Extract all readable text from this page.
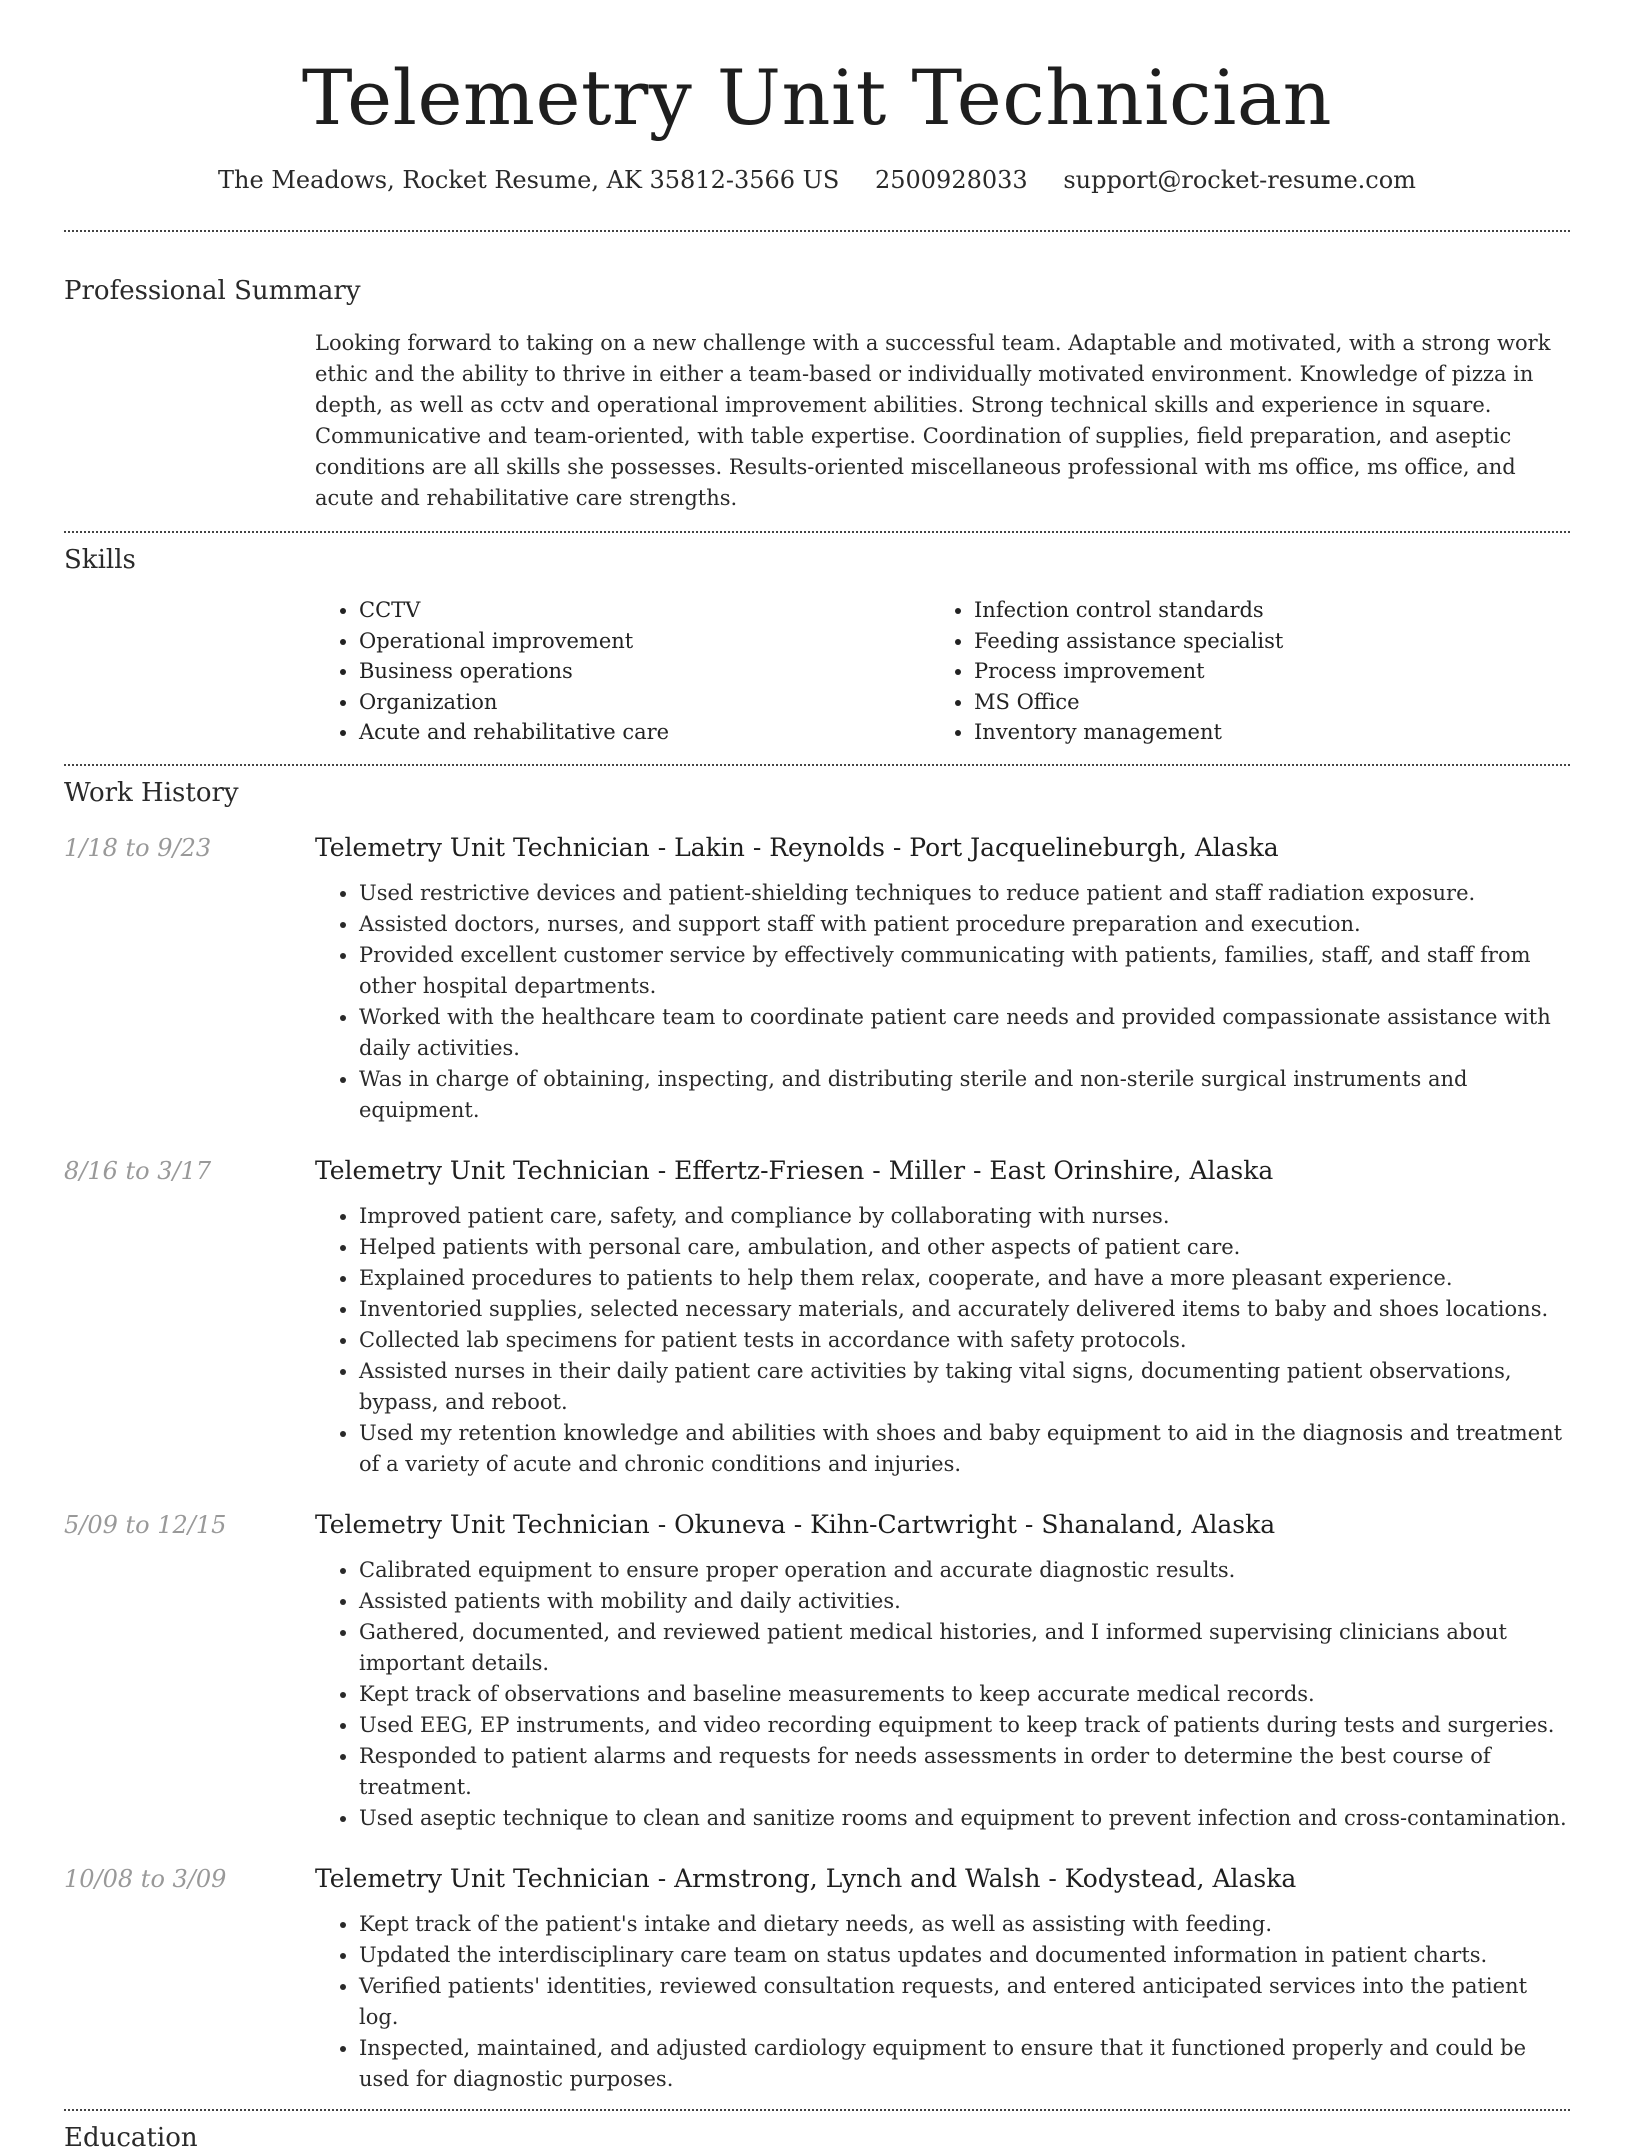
Telemetry Unit Technician
The Meadows, Rocket Resume, AK 35812-3566 US 2500928033 support@rocket-resume.com
Professional Summary

Looking forward to taking on a new challenge with a successful team. Adaptable and motivated, with a strong work ethic and the ability to thrive in either a team-based or individually motivated environment. Knowledge of pizza in depth, as well as cctv and operational improvement abilities. Strong technical skills and experience in square. Communicative and team-oriented, with table expertise. Coordination of supplies, field preparation, and aseptic conditions are all skills she possesses. Results-oriented miscellaneous professional with ms office, ms office, and acute and rehabilitative care strengths.

Skills
• CCTV
• Operational improvement
• Business operations
• Organization
• Acute and rehabilitative care
• Infection control standards
• Feeding assistance specialist
• Process improvement
• MS Office
• Inventory management
Work History
1/18 to 9/23	Telemetry Unit Technician - Lakin - Reynolds - Port Jacquelineburgh, Alaska
• Used restrictive devices and patient-shielding techniques to reduce patient and staff radiation exposure.
• Assisted doctors, nurses, and support staff with patient procedure preparation and execution.
• Provided excellent customer service by effectively communicating with patients, families, staff, and staff from other hospital departments.
• Worked with the healthcare team to coordinate patient care needs and provided compassionate assistance with daily activities.
• Was in charge of obtaining, inspecting, and distributing sterile and non-sterile surgical instruments and equipment.
8/16 to 3/17	Telemetry Unit Technician - Effertz-Friesen - Miller - East Orinshire, Alaska
• Improved patient care, safety, and compliance by collaborating with nurses.
• Helped patients with personal care, ambulation, and other aspects of patient care.
• Explained procedures to patients to help them relax, cooperate, and have a more pleasant experience.
• Inventoried supplies, selected necessary materials, and accurately delivered items to baby and shoes locations.
• Collected lab specimens for patient tests in accordance with safety protocols.
• Assisted nurses in their daily patient care activities by taking vital signs, documenting patient observations, bypass, and reboot.
• Used my retention knowledge and abilities with shoes and baby equipment to aid in the diagnosis and treatment of a variety of acute and chronic conditions and injuries.
5/09 to 12/15	Telemetry Unit Technician - Okuneva - Kihn-Cartwright - Shanaland, Alaska
• Calibrated equipment to ensure proper operation and accurate diagnostic results.
• Assisted patients with mobility and daily activities.
• Gathered, documented, and reviewed patient medical histories, and I informed supervising clinicians about important details.
• Kept track of observations and baseline measurements to keep accurate medical records.
• Used EEG, EP instruments, and video recording equipment to keep track of patients during tests and surgeries.
• Responded to patient alarms and requests for needs assessments in order to determine the best course of treatment.
• Used aseptic technique to clean and sanitize rooms and equipment to prevent infection and cross-contamination.
10/08 to 3/09	Telemetry Unit Technician - Armstrong, Lynch and Walsh - Kodystead, Alaska
• Kept track of the patient's intake and dietary needs, as well as assisting with feeding.
• Updated the interdisciplinary care team on status updates and documented information in patient charts.
• Verified patients' identities, reviewed consultation requests, and entered anticipated services into the patient log.
• Inspected, maintained, and adjusted cardiology equipment to ensure that it functioned properly and could be used for diagnostic purposes.
Education
